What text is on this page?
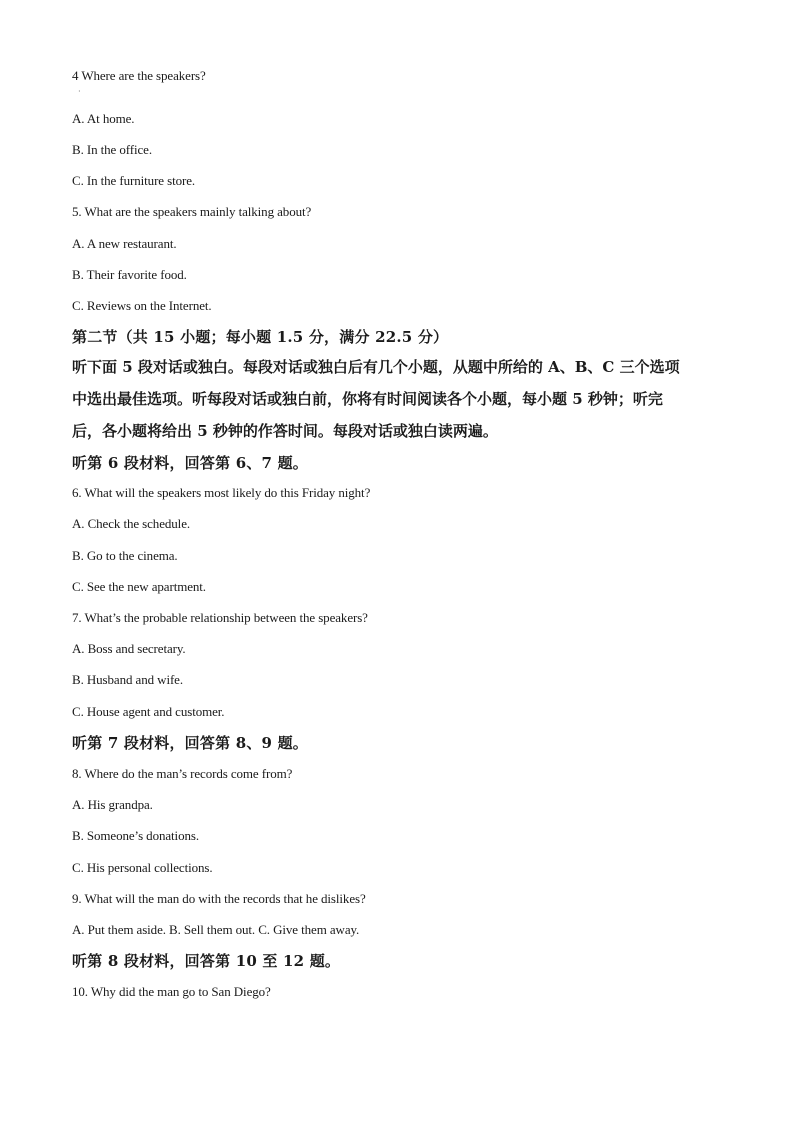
4 Where are the speakers?
·
A. At home.
B. In the office.
C. In the furniture store.
5. What are the speakers mainly talking about?
A. A new restaurant.
B. Their favorite food.
C. Reviews on the Internet.
第二节（共 15 小题；每小题 1.5 分，满分 22.5 分）
听下面 5 段对话或独白。每段对话或独白后有几个小题，从题中所给的 A、B、C 三个选项
中选出最佳选项。听每段对话或独白前，你将有时间阅读各个小题，每小题 5 秒钟；听完
后，各小题将给出 5 秒钟的作答时间。每段对话或独白读两遍。
听第 6 段材料，回答第 6、7 题。
6. What will the speakers most likely do this Friday night?
A. Check the schedule.
B. Go to the cinema.
C. See the new apartment.
7. What’s the probable relationship between the speakers?
A. Boss and secretary.
B. Husband and wife.
C. House agent and customer.
听第 7 段材料，回答第 8、9 题。
8. Where do the man’s records come from?
A. His grandpa.
B. Someone’s donations.
C. His personal collections.
9. What will the man do with the records that he dislikes?
A. Put them aside. B. Sell them out. C. Give them away.
听第 8 段材料，回答第 10 至 12 题。
10. Why did the man go to San Diego?
